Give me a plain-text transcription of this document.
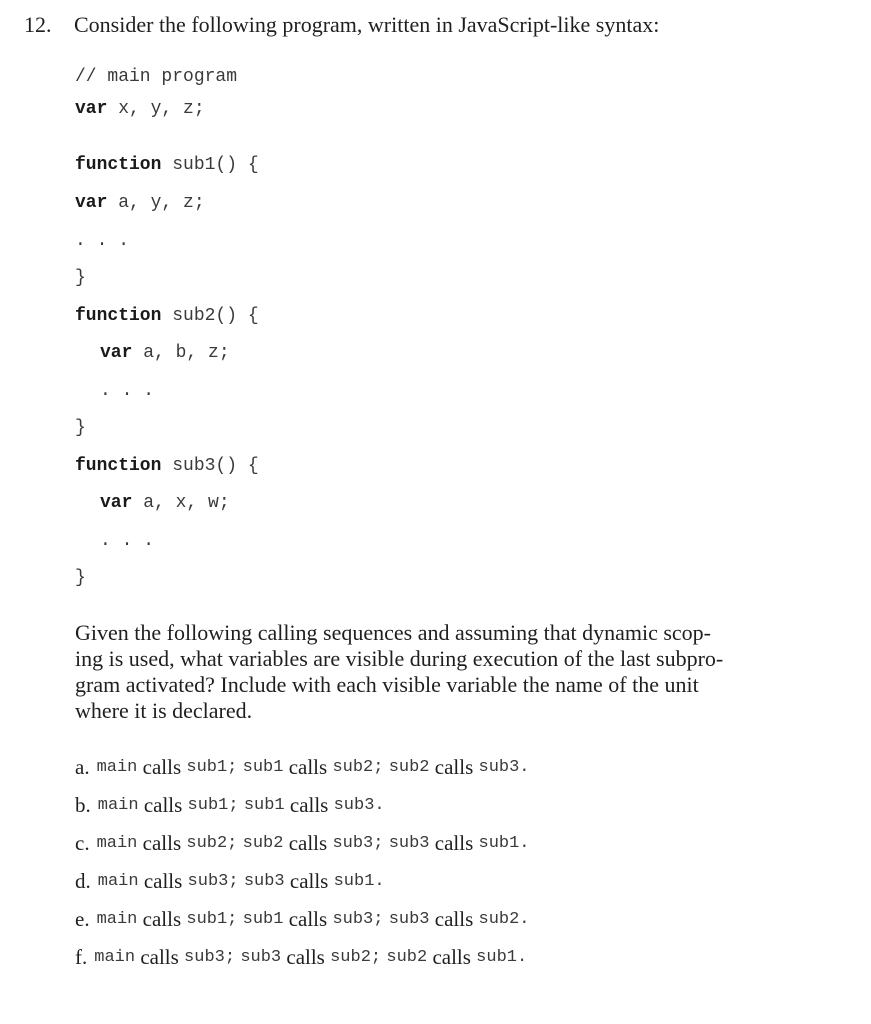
12.	Consider the following program, written in JavaScript-like syntax:
// main program
var x, y, z;
function sub1() {
var a, y, z;
. . .
}
function sub2() {
var a, b, z;
. . .
}
function sub3() {
var a, x, w;
. . .
}

Given the following calling sequences and assuming that dynamic scop-

ing is used, what variables are visible during execution of the last subpro-

gram activated? Include with each visible variable the name of the unit

where it is declared.

a. main
calls
sub1;
sub1
calls
sub2;
sub2
calls
sub3.
b. main
calls
sub1;
sub1
calls
sub3.
c. main
calls
sub2;
sub2
calls
sub3;
sub3
calls
sub1.
d. main
calls
sub3;
sub3
calls
sub1.
e. main
calls
sub1;
sub1
calls
sub3;
sub3
calls
sub2.
f. main
calls
sub3;
sub3
calls
sub2;
sub2
calls
sub1.
